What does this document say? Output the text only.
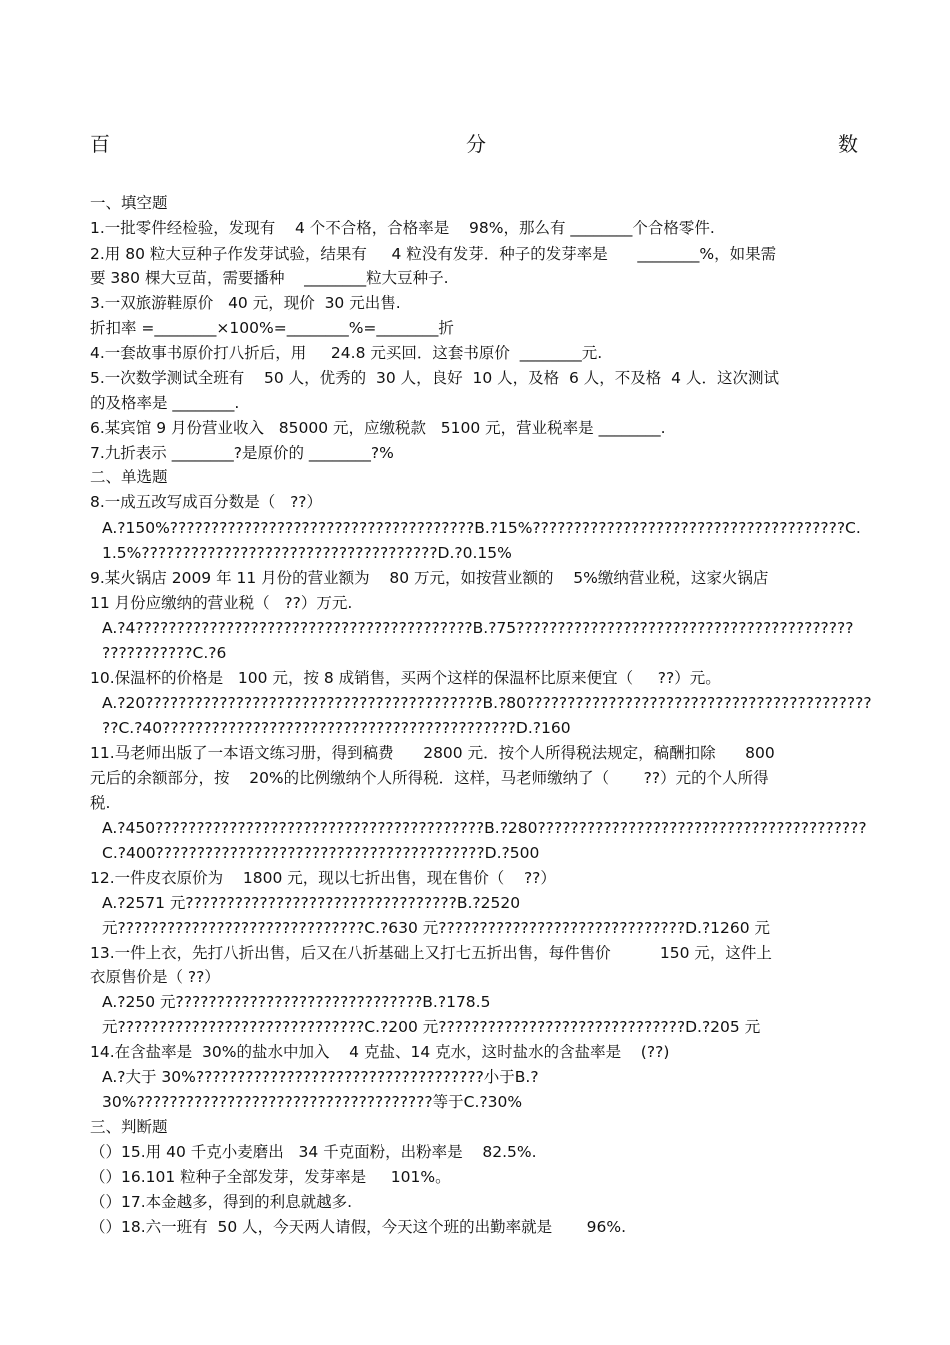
百	分	数
一、填空题
1.一批零件经检验，发现有    4 个不合格，合格率是    98%，那么有 ________个合格零件.
2.用 80 粒大豆种子作发芽试验，结果有     4 粒没有发芽．种子的发芽率是      ________%，如果需
要 380 棵大豆苗，需要播种    ________粒大豆种子.
3.一双旅游鞋原价   40 元，现价  30 元出售.
折扣率 =________×100%=________%=________折
4.一套故事书原价打八折后，用     24.8 元买回．这套书原价  ________元.
5.一次数学测试全班有    50 人，优秀的  30 人，良好  10 人，及格  6 人，不及格  4 人．这次测试
的及格率是 ________.
6.某宾馆 9 月份营业收入   85000 元，应缴税款   5100 元，营业税率是 ________.
7.九折表示 ________?是原价的 ________?%
二、单选题
8.一成五改写成百分数是（   ??）
A.?150%?????????????????????????????????????B.?15%??????????????????????????????????????C.
1.5%????????????????????????????????????D.?0.15%
9.某火锅店 2009 年 11 月份的营业额为    80 万元，如按营业额的    5%缴纳营业税，这家火锅店
11 月份应缴纳的营业税（   ??）万元.
A.?4?????????????????????????????????????????B.?75?????????????????????????????????????????
???????????C.?6
10.保温杯的价格是   100 元，按 8 成销售，买两个这样的保温杯比原来便宜（     ??）元。
A.?20?????????????????????????????????????????B.?80??????????????????????????????????????????
??C.?40???????????????????????????????????????????D.?160
11.马老师出版了一本语文练习册，得到稿费      2800 元．按个人所得税法规定，稿酬扣除      800
元后的余额部分，按    20%的比例缴纳个人所得税．这样，马老师缴纳了（       ??）元的个人所得
税.
A.?450????????????????????????????????????????B.?280????????????????????????????????????????
C.?400????????????????????????????????????????D.?500
12.一件皮衣原价为    1800 元，现以七折出售，现在售价（    ??）
A.?2571 元?????????????????????????????????B.?2520
元??????????????????????????????C.?630 元??????????????????????????????D.?1260 元
13.一件上衣，先打八折出售，后又在八折基础上又打七五折出售，每件售价          150 元，这件上
衣原售价是（ ??）
A.?250 元??????????????????????????????B.?178.5
元??????????????????????????????C.?200 元??????????????????????????????D.?205 元
14.在含盐率是  30%的盐水中加入    4 克盐、14 克水，这时盐水的含盐率是    (??)
A.?大于 30%???????????????????????????????????小于B.?
30%????????????????????????????????????等于C.?30%
三、判断题
（）15.用 40 千克小麦磨出   34 千克面粉，出粉率是    82.5%.
（）16.101 粒种子全部发芽，发芽率是     101%。
（）17.本金越多，得到的利息就越多.
（）18.六一班有  50 人，今天两人请假，今天这个班的出勤率就是       96%.
